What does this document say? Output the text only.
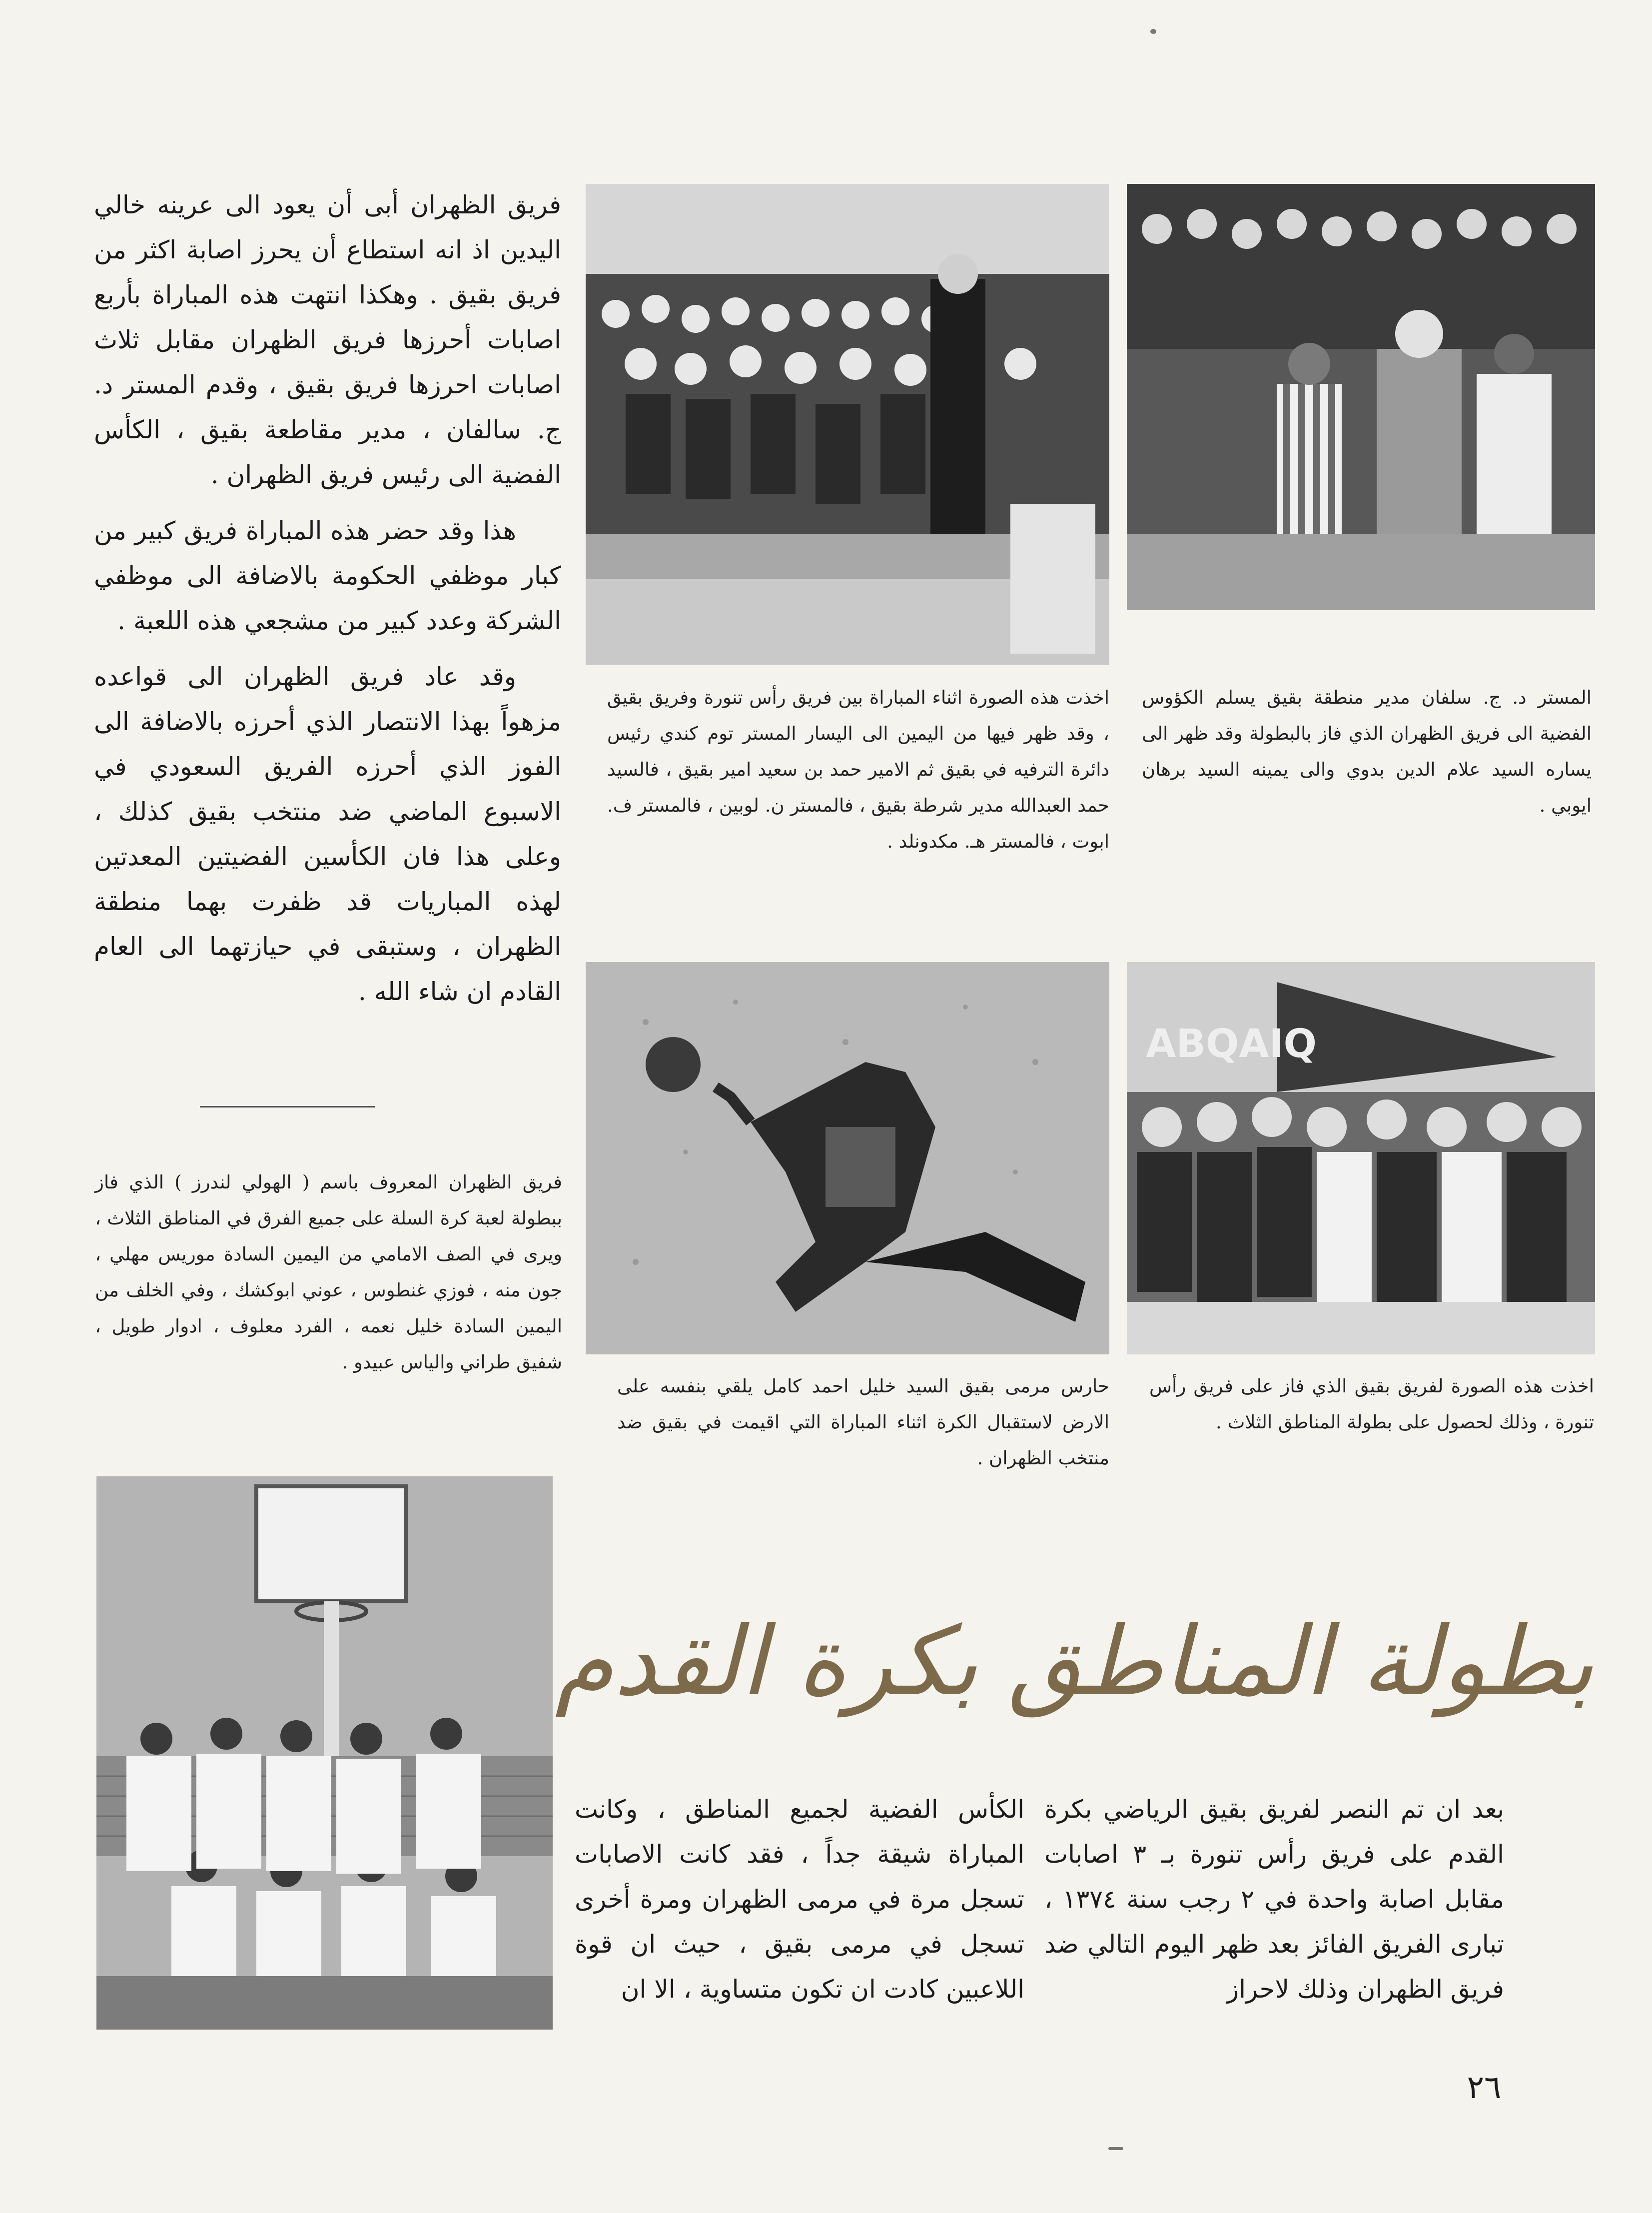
فريق الظهران أبى أن يعود الى عرينه خالي اليدين اذ انه استطاع أن يحرز اصابة اكثر من فريق بقيق . وهكذا انتهت هذه المباراة بأربع اصابات أحرزها فريق الظهران مقابل ثلاث اصابات احرزها فريق بقيق ، وقدم المستر د. ج. سالفان ، مدير مقاطعة بقيق ، الكأس الفضية الى رئيس فريق الظهران .

هذا وقد حضر هذه المباراة فريق كبير من كبار موظفي الحكومة بالاضافة الى موظفي الشركة وعدد كبير من مشجعي هذه اللعبة .

وقد عاد فريق الظهران الى قواعده مزهواً بهذا الانتصار الذي أحرزه بالاضافة الى الفوز الذي أحرزه الفريق السعودي في الاسبوع الماضي ضد منتخب بقيق كذلك ، وعلى هذا فان الكأسين الفضيتين المعدتين لهذه المباريات قد ظفرت بهما منطقة الظهران ، وستبقى في حيازتهما الى العام القادم ان شاء الله .

اخذت هذه الصورة اثناء المباراة بين فريق رأس تنورة وفريق بقيق ، وقد ظهر فيها من اليمين الى اليسار المستر توم كندي رئيس دائرة الترفيه في بقيق ثم الامير حمد بن سعيد امير بقيق ، فالسيد حمد العبدالله مدير شرطة بقيق ، فالمستر ن. لوبين ، فالمستر ف. ابوت ، فالمستر هـ. مكدونلد .
المستر د. ج. سلفان مدير منطقة بقيق يسلم الكؤوس الفضية الى فريق الظهران الذي فاز بالبطولة وقد ظهر الى يساره السيد علام الدين بدوي والى يمينه السيد برهان ايوبي .
ABQAIQ
حارس مرمى بقيق السيد خليل احمد كامل يلقي بنفسه على الارض لاستقبال الكرة اثناء المباراة التي اقيمت في بقيق ضد منتخب الظهران .
اخذت هذه الصورة لفريق بقيق الذي فاز على فريق رأس تنورة ، وذلك لحصول على بطولة المناطق الثلاث .
فريق الظهران المعروف باسم ( الهولي لندرز ) الذي فاز ببطولة لعبة كرة السلة على جميع الفرق في المناطق الثلاث ، ويرى في الصف الامامي من اليمين السادة موريس مهلي ، جون منه ، فوزي غنطوس ، عوني ابوكشك ، وفي الخلف من اليمين السادة خليل نعمه ، الفرد معلوف ، ادوار طويل ، شفيق طراني والياس عبيدو .
بطولة المناطق بكرة القدم
بعد ان تم النصر لفريق بقيق الرياضي بكرة القدم على فريق رأس تنورة بـ ٣ اصابات مقابل اصابة واحدة في ٢ رجب سنة ١٣٧٤ ، تبارى الفريق الفائز بعد ظهر اليوم التالي ضد فريق الظهران وذلك لاحراز
الكأس الفضية لجميع المناطق ، وكانت المباراة شيقة جداً ، فقد كانت الاصابات تسجل مرة في مرمى الظهران ومرة أخرى تسجل في مرمى بقيق ، حيث ان قوة اللاعبين كادت ان تكون متساوية ، الا ان
٢٦
